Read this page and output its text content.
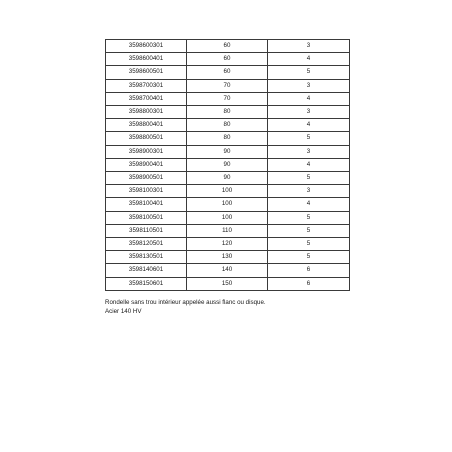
3598600301	60	3
3598600401	60	4
3598600501	60	5
3598700301	70	3
3598700401	70	4
3598800301	80	3
3598800401	80	4
3598800501	80	5
3598900301	90	3
3598900401	90	4
3598900501	90	5
3598100301	100	3
3598100401	100	4
3598100501	100	5
3598110501	110	5
3598120501	120	5
3598130501	130	5
3598140601	140	6
3598150601	150	6

Rondelle sans trou intérieur appelée aussi flanc ou disque.

Acier 140 HV
